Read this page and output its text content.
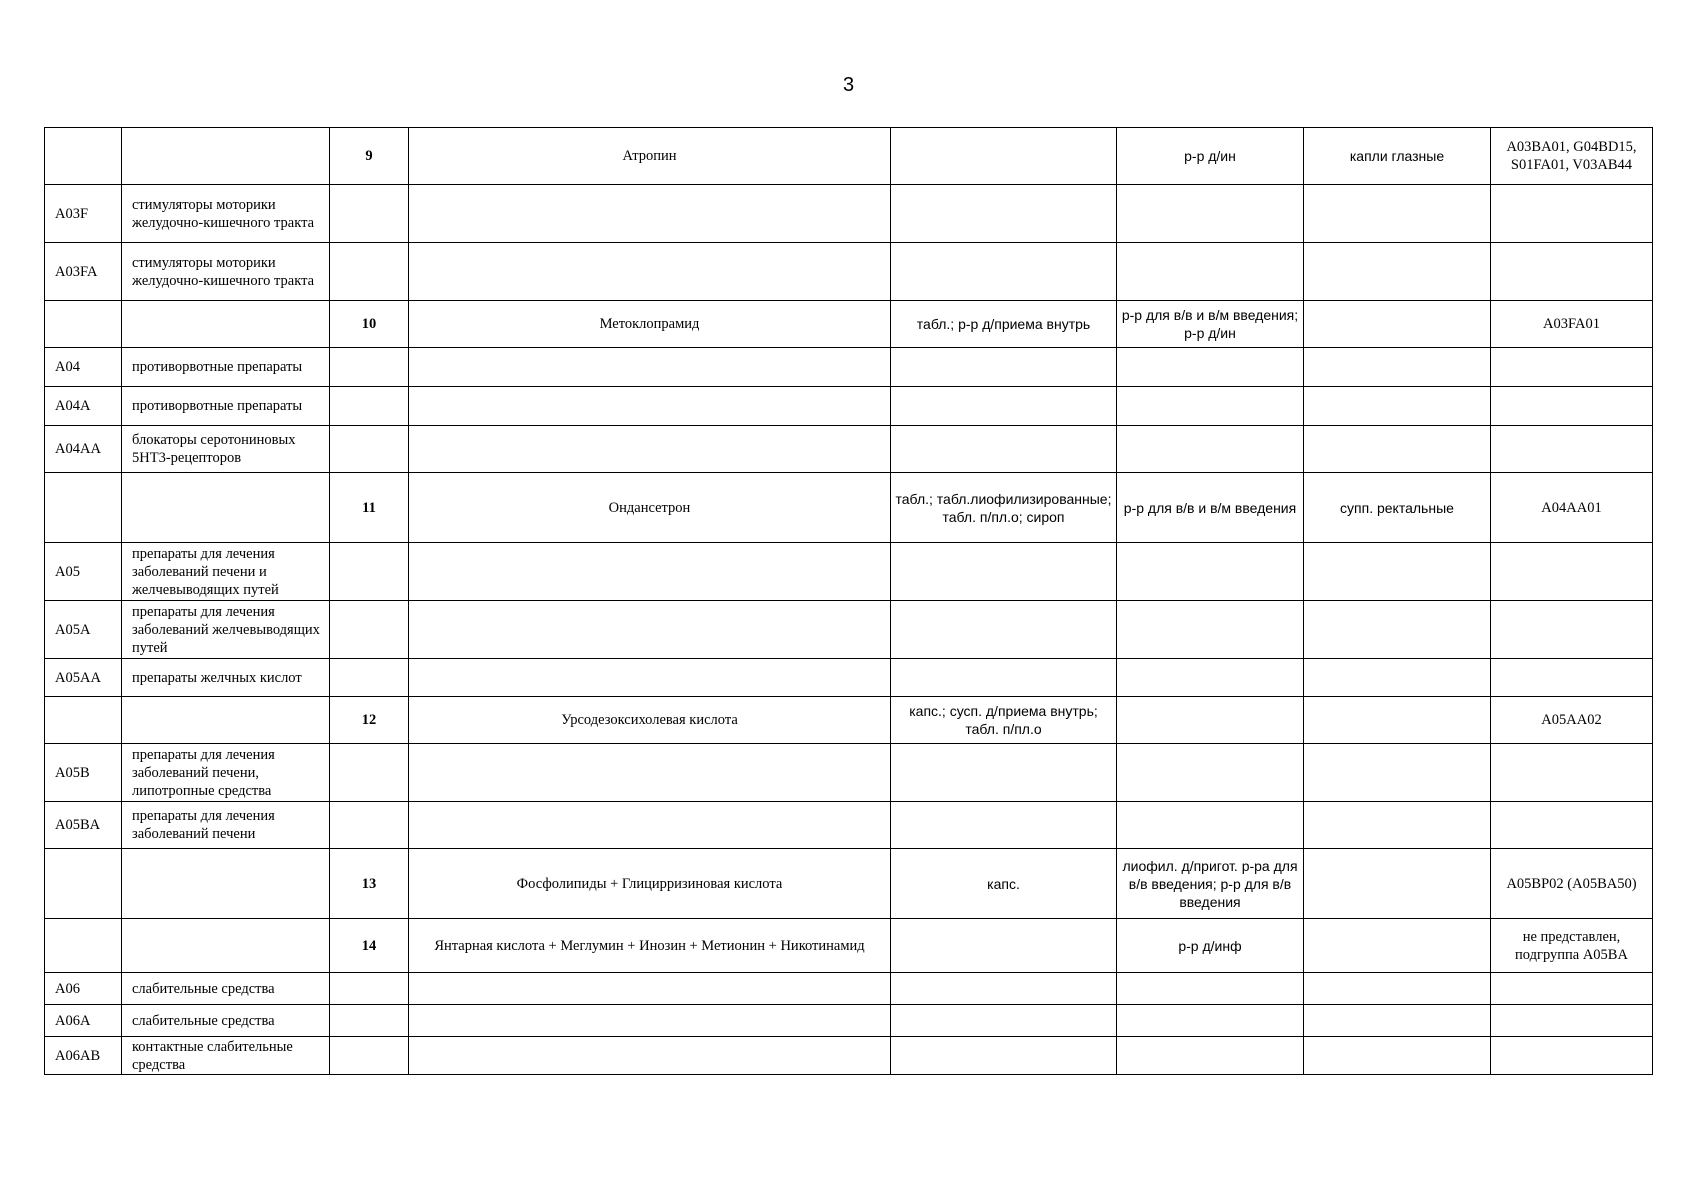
3
		9	Атропин		р-р д/ин	капли глазные	A03BA01, G04BD15, S01FA01, V03AB44
A03F	стимуляторы моторики желудочно-кишечного тракта						
A03FA	стимуляторы моторики желудочно-кишечного тракта						
		10	Метоклопрамид	табл.; р-р д/приема внутрь	р-р для в/в и в/м введения; р-р д/ин		A03FA01
A04	противорвотные препараты						
A04A	противорвотные препараты						
A04AA	блокаторы серотониновых 5HT3-рецепторов						
		11	Ондансетрон	табл.; табл.лиофилизированные; табл. п/пл.о; сироп	р-р для в/в и в/м введения	супп. ректальные	A04AA01
A05	препараты для лечения заболеваний печени и желчевыводящих путей						
A05A	препараты для лечения заболеваний желчевыводящих путей						
A05AA	препараты желчных кислот						
		12	Урсодезоксихолевая кислота	капс.; сусп. д/приема внутрь; табл. п/пл.о			A05AA02
A05B	препараты для лечения заболеваний печени, липотропные средства						
A05BA	препараты для лечения заболеваний печени						
		13	Фосфолипиды + Глицирризиновая кислота	капс.	лиофил. д/пригот. р-ра для в/в введения; р-р для в/в введения		A05BP02 (A05BA50)
		14	Янтарная кислота + Меглумин + Инозин + Метионин + Никотинамид		р-р д/инф		не представлен, подгруппа A05BA
A06	слабительные средства						
A06A	слабительные средства						
A06AB	контактные слабительные средства						
